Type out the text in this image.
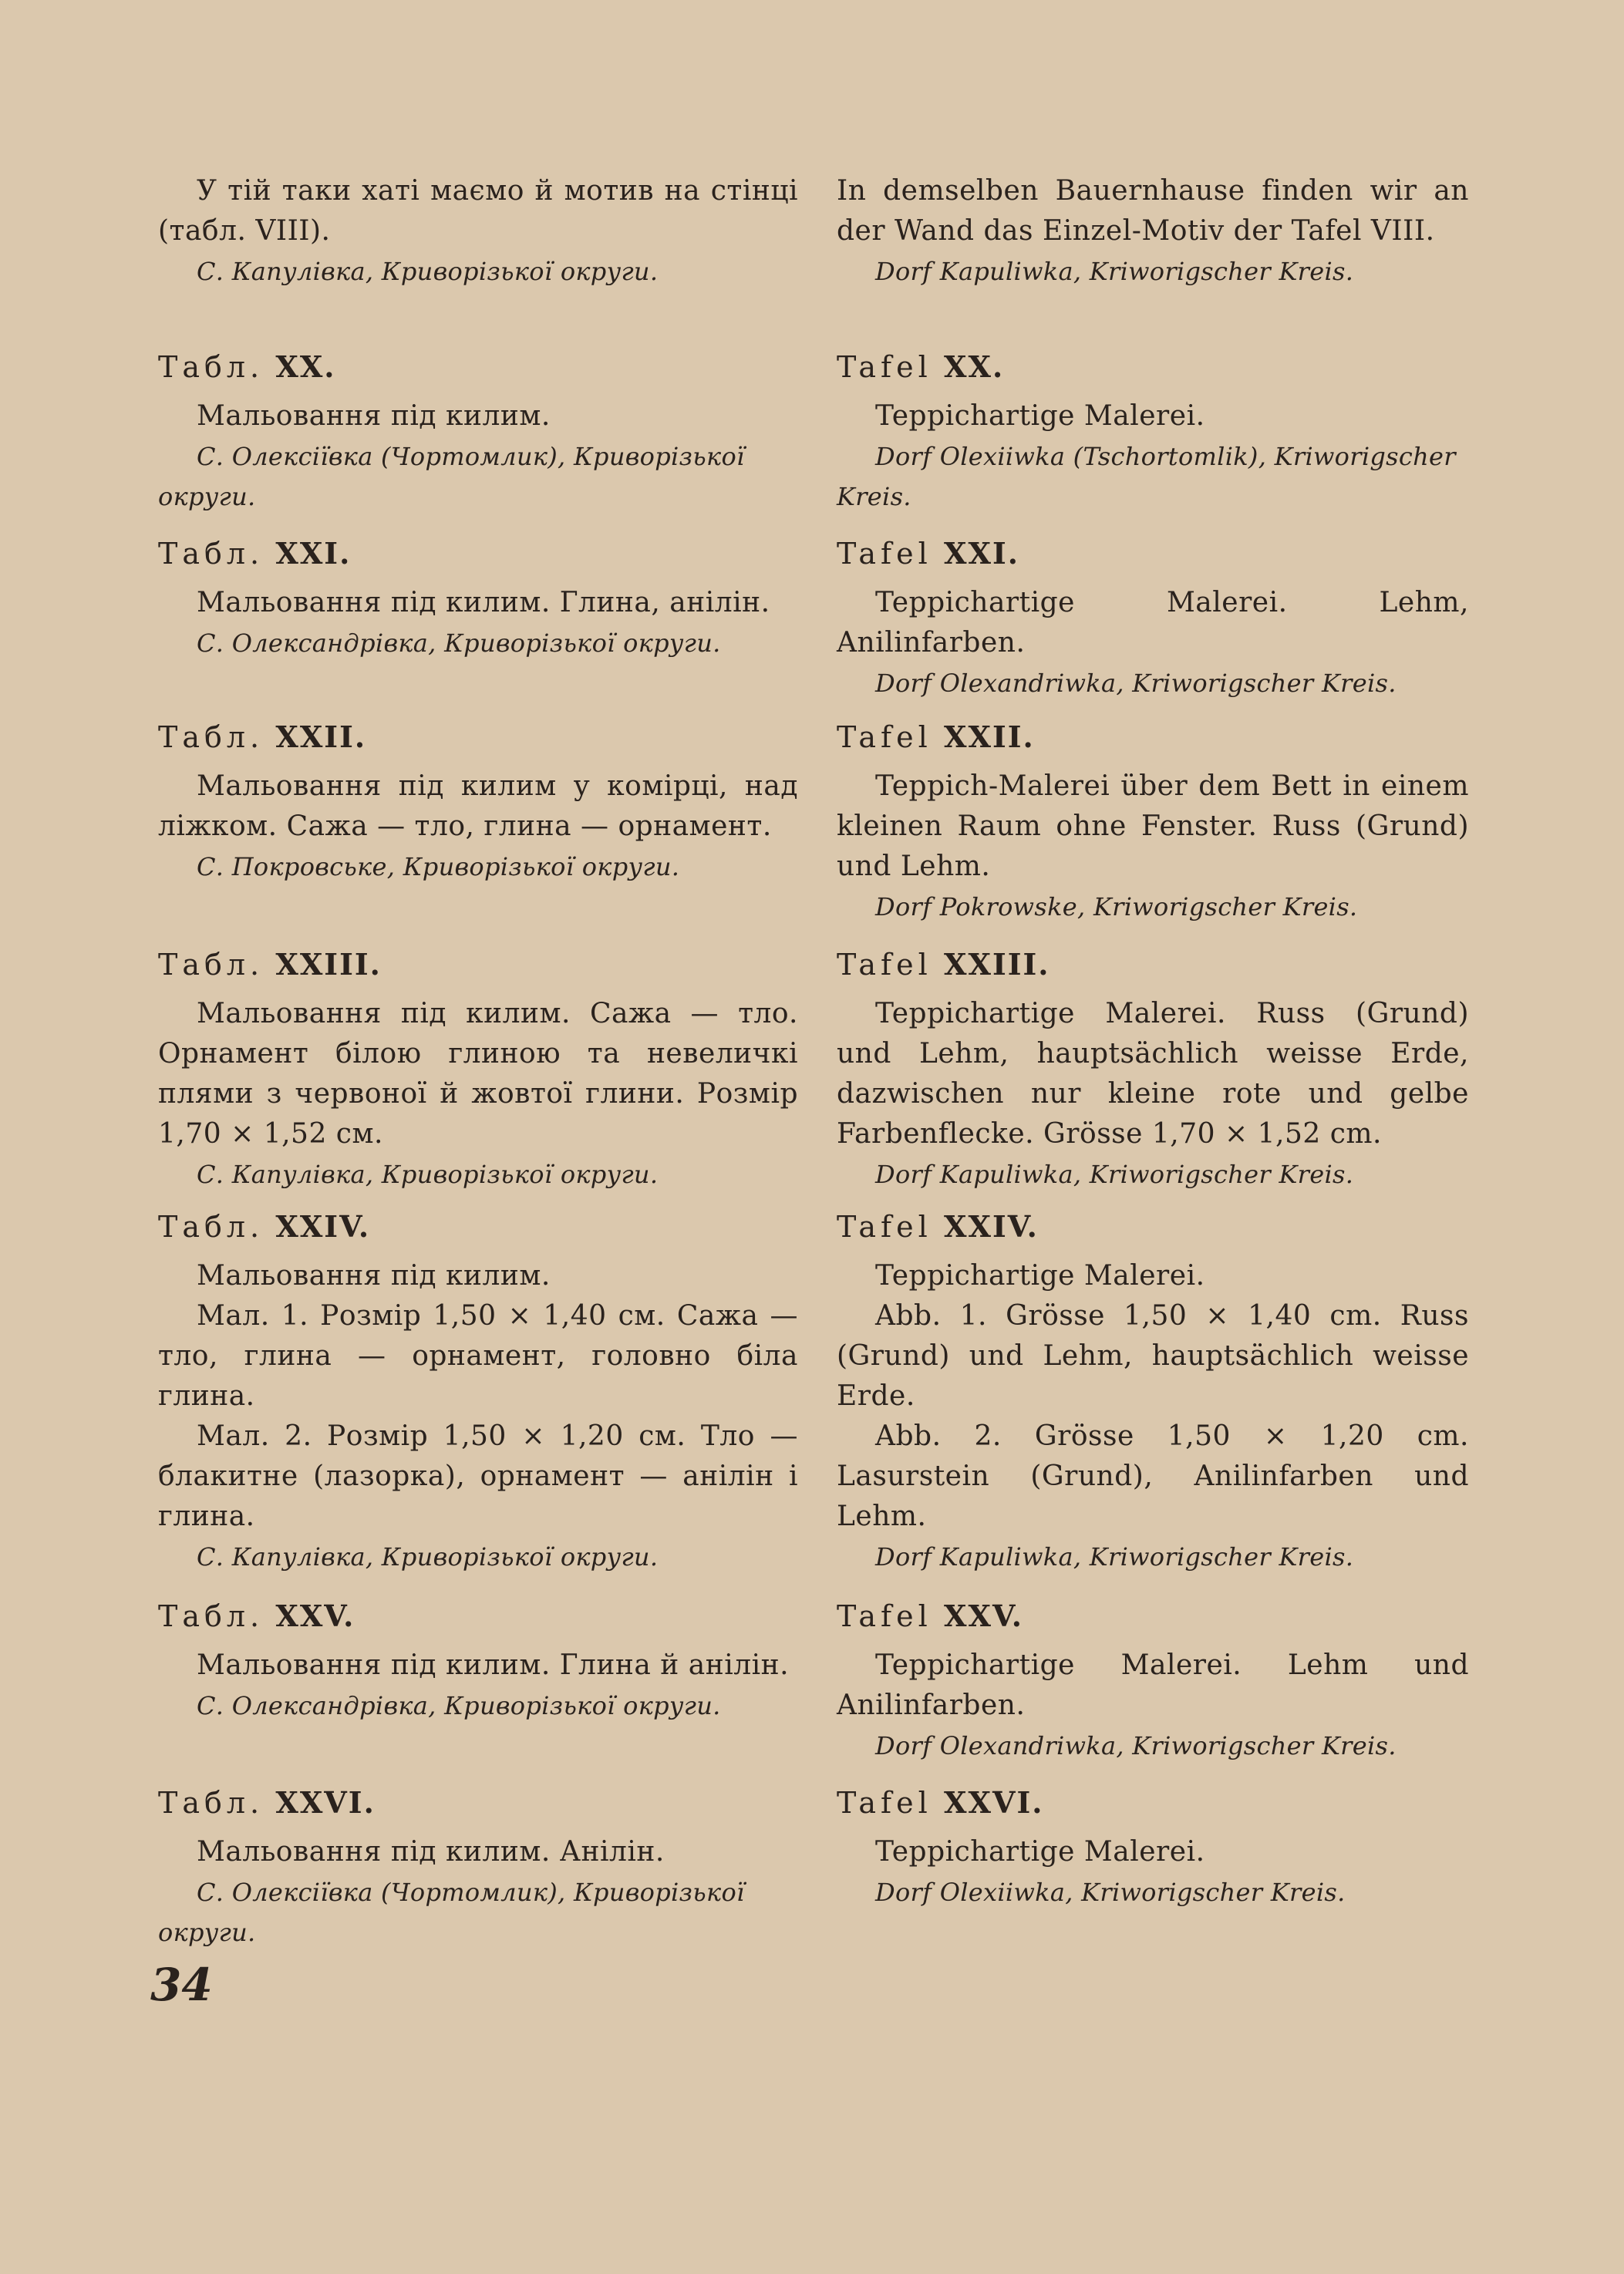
У тій таки хаті маємо й мотив на стінці (табл. VIII).

С. Капулівка, Криворізької округи.

Табл. XX.

Мальовання під килим.

С. Олексіївка (Чортомлик), Криворізької округи.

Табл. XXI.

Мальовання під килим. Глина, анілін.

С. Олександрівка, Криворізької округи.

Табл. XXII.

Мальовання під килим у комірці, над ліжком. Сажа — тло, глина — орнамент.

С. Покровське, Криворізької округи.

Табл. XXIII.

Мальовання під килим. Сажа — тло. Орнамент білою глиною та невеличкі плями з червоної й жовтої глини. Розмір 1,70 × 1,52 см.

С. Капулівка, Криворізької округи.

Табл. XXIV.

Мальовання під килим.

Мал. 1. Розмір 1,50 × 1,40 см. Сажа — тло, глина — орнамент, головно біла глина.

Мал. 2. Розмір 1,50 × 1,20 см. Тло — блакитне (лазорка), орнамент — анілін і глина.

С. Капулівка, Криворізької округи.

Табл. XXV.

Мальовання під килим. Глина й анілін.

С. Олександрівка, Криворізької округи.

Табл. XXVI.

Мальовання під килим. Анілін.

С. Олексіївка (Чортомлик), Криворізької округи.

In demselben Bauernhause finden wir an der Wand das Einzel-Motiv der Tafel VIII.

Dorf Kapuliwka, Kriworigscher Kreis.

Tafel XX.

Teppichartige Malerei.

Dorf Olexiiwka (Tschortomlik), Kriworigscher Kreis.

Tafel XXI.

Teppichartige Malerei. Lehm, Anilinfarben.

Dorf Olexandriwka, Kriworigscher Kreis.

Tafel XXII.

Teppich-Malerei über dem Bett in einem kleinen Raum ohne Fenster. Russ (Grund) und Lehm.

Dorf Pokrowske, Kriworigscher Kreis.

Tafel XXIII.

Teppichartige Malerei. Russ (Grund) und Lehm, hauptsächlich weisse Erde, dazwischen nur kleine rote und gelbe Farbenflecke. Grösse 1,70 × 1,52 cm.

Dorf Kapuliwka, Kriworigscher Kreis.

Tafel XXIV.

Teppichartige Malerei.

Abb. 1. Grösse 1,50 × 1,40 cm. Russ (Grund) und Lehm, hauptsächlich weisse Erde.

Abb. 2. Grösse 1,50 × 1,20 cm. Lasurstein (Grund), Anilinfarben und Lehm.

Dorf Kapuliwka, Kriworigscher Kreis.

Tafel XXV.

Teppichartige Malerei. Lehm und Anilinfarben.

Dorf Olexandriwka, Kriworigscher Kreis.

Tafel XXVI.

Teppichartige Malerei.

Dorf Olexiiwka, Kriworigscher Kreis.

34
